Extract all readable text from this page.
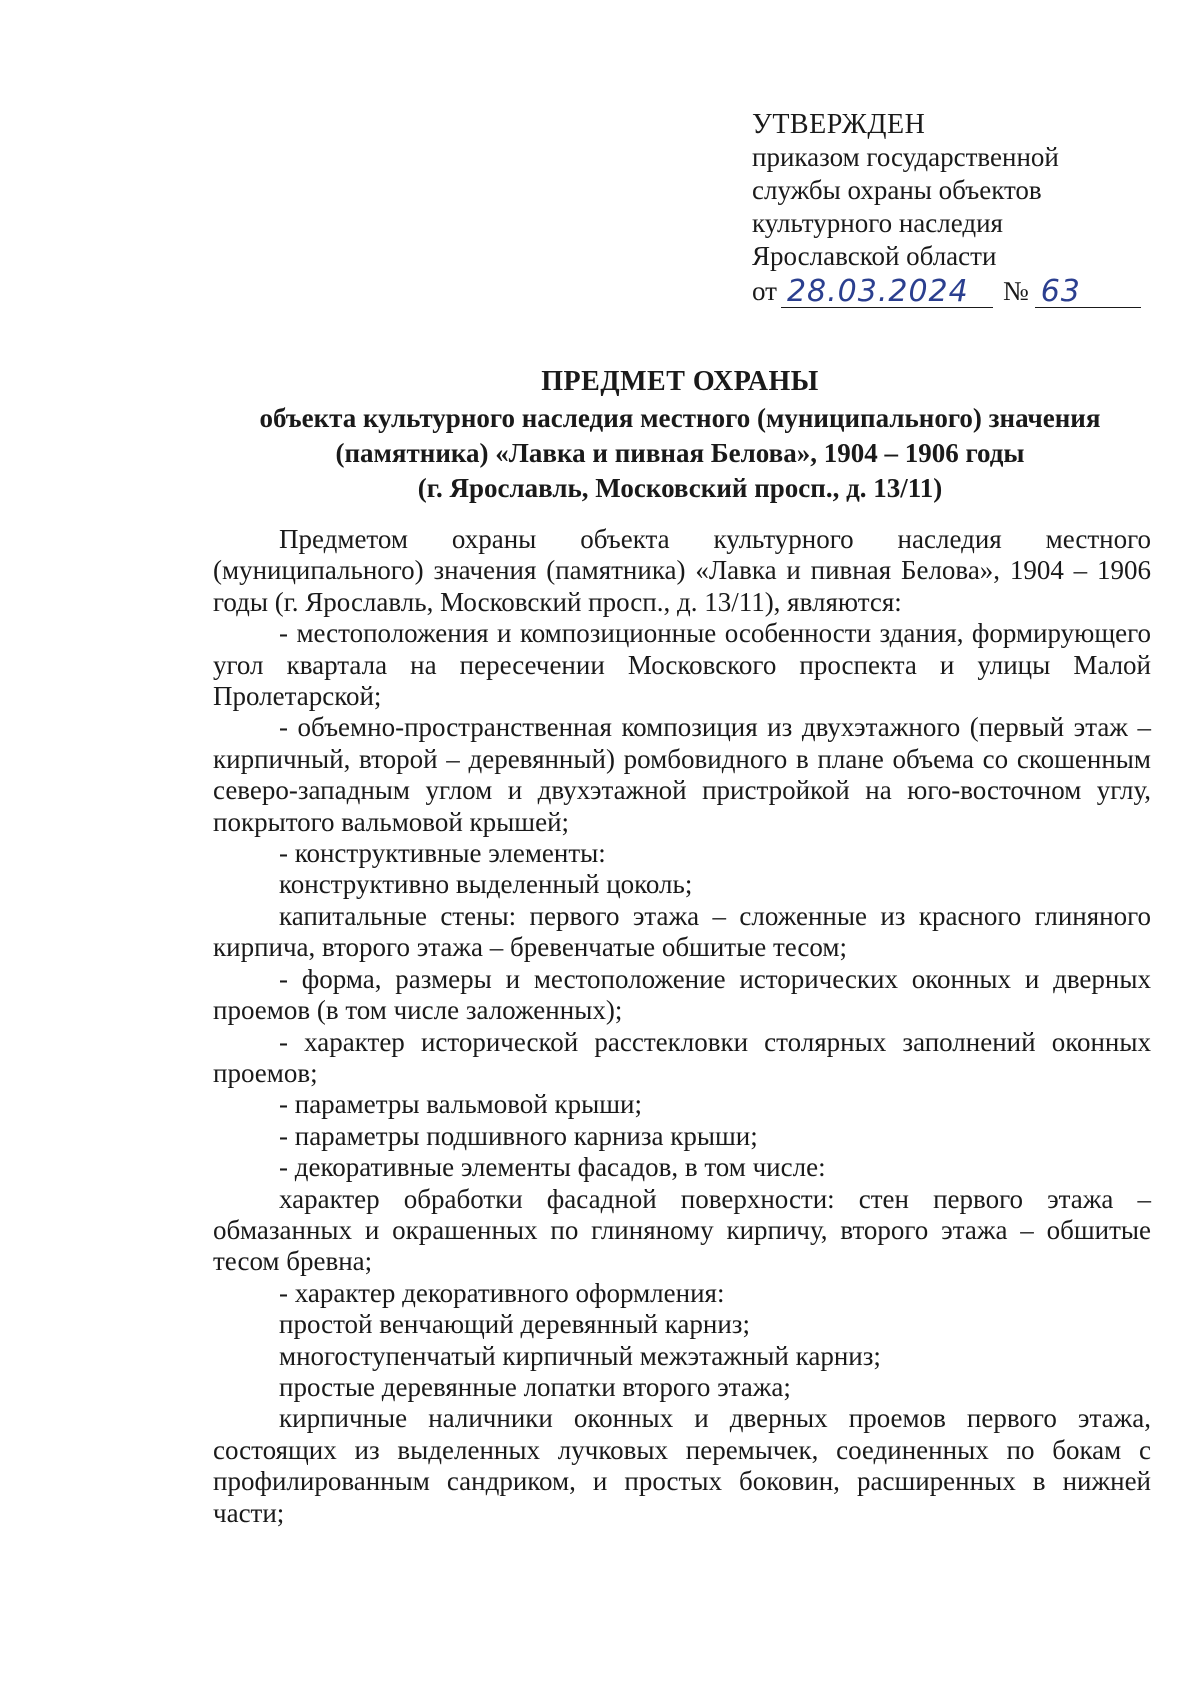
УТВЕРЖДЕН
приказом государственной
службы охраны объектов
культурного наследия
Ярославской области
от 28.03.2024	№ 63
ПРЕДМЕТ ОХРАНЫ
объекта культурного наследия местного (муниципального) значения
(памятника) «Лавка и пивная Белова», 1904 – 1906 годы
(г. Ярославль, Московский просп., д. 13/11)

Предметом охраны объекта культурного наследия местного (муниципального) значения (памятника) «Лавка и пивная Белова», 1904 – 1906 годы (г. Ярославль, Московский просп., д. 13/11), являются:

- местоположения и композиционные особенности здания, формирующего угол квартала на пересечении Московского проспекта и улицы Малой Пролетарской;

- объемно-пространственная композиция из двухэтажного (первый этаж – кирпичный, второй – деревянный) ромбовидного в плане объема со скошенным северо-западным углом и двухэтажной пристройкой на юго-восточном углу, покрытого вальмовой крышей;

- конструктивные элементы:

конструктивно выделенный цоколь;

капитальные стены: первого этажа – сложенные из красного глиняного кирпича, второго этажа – бревенчатые обшитые тесом;

- форма, размеры и местоположение исторических оконных и дверных проемов (в том числе заложенных);

- характер исторической расстекловки столярных заполнений оконных проемов;

- параметры вальмовой крыши;

- параметры подшивного карниза крыши;

- декоративные элементы фасадов, в том числе:

характер обработки фасадной поверхности: стен первого этажа – обмазанных и окрашенных по глиняному кирпичу, второго этажа – обшитые тесом бревна;

- характер декоративного оформления:

простой венчающий деревянный карниз;

многоступенчатый кирпичный межэтажный карниз;

простые деревянные лопатки второго этажа;

кирпичные наличники оконных и дверных проемов первого этажа, состоящих из выделенных лучковых перемычек, соединенных по бокам с профилированным сандриком, и простых боковин, расширенных в нижней части;
